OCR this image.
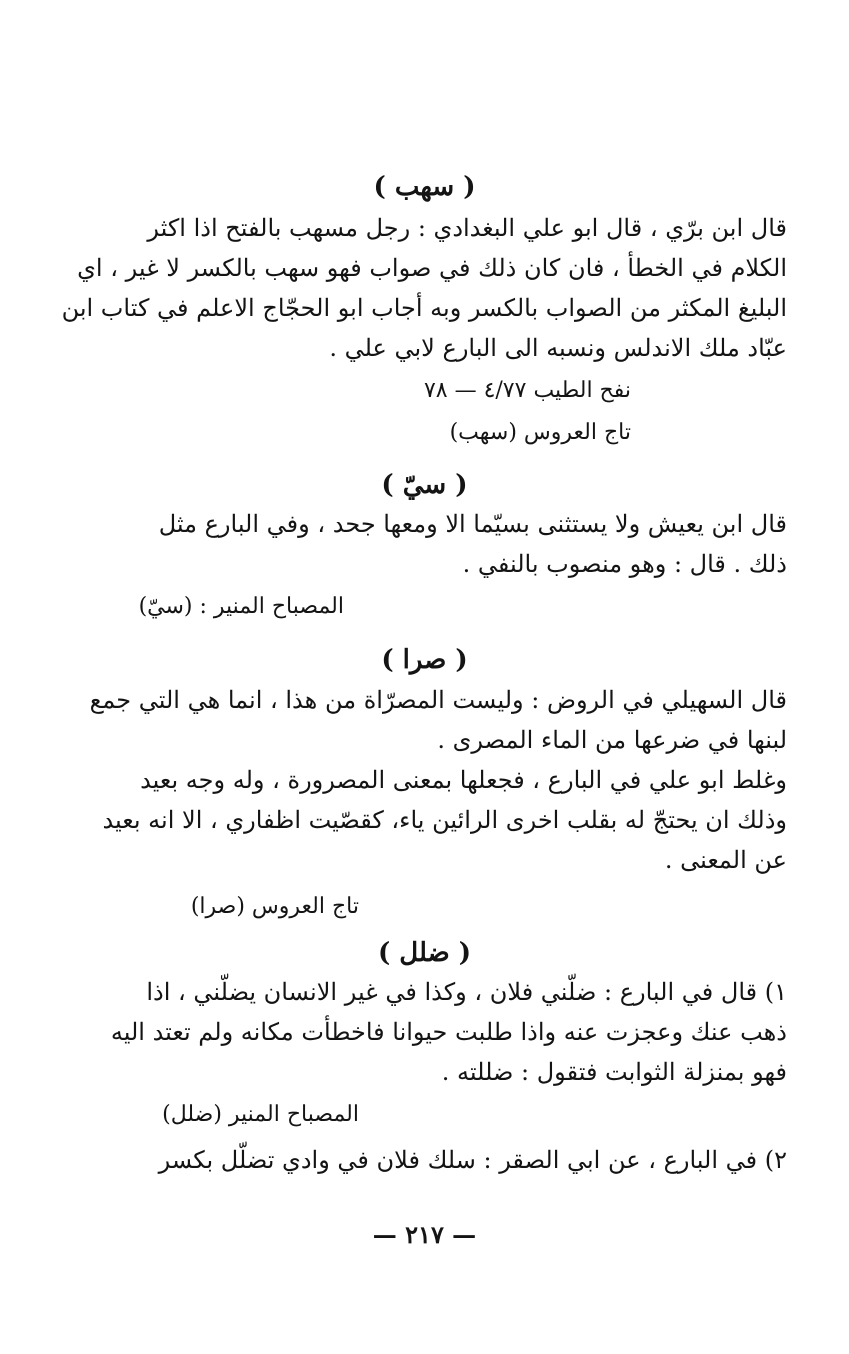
( سهب )
قال ابن برّي ، قال ابو علي البغدادي : رجل مسهب بالفتح اذا اكثر
الكلام في الخطأ ، فان كان ذلك في صواب فهو سهب بالكسر لا غير ، اي
البليغ المكثر من الصواب بالكسر وبه أجاب ابو الحجّاج الاعلم في كتاب ابن
عبّاد ملك الاندلس ونسبه الى البارع لابي علي .
نفح الطيب ٤/٧٧ — ٧٨
تاج العروس (سهب)
( سيّ )
قال ابن يعيش ولا يستثنى بسيّما الا ومعها جحد ، وفي البارع مثل
ذلك . قال : وهو منصوب بالنفي .
المصباح المنير : (سيّ)
( صرا )
قال السهيلي في الروض : وليست المصرّاة من هذا ، انما هي التي جمع
لبنها في ضرعها من الماء المصرى .
وغلط ابو علي في البارع ، فجعلها بمعنى المصرورة ، وله وجه بعيد
وذلك ان يحتجّ له بقلب اخرى الرائين ياء، كقصّيت اظفاري ، الا انه بعيد
عن المعنى .
تاج العروس (صرا)
( ضلل )
١) قال في البارع : ضلّني فلان ، وكذا في غير الانسان يضلّني ، اذا
ذهب عنك وعجزت عنه واذا طلبت حيوانا فاخطأت مكانه ولم تعتد اليه
فهو بمنزلة الثوابت فتقول : ضللته .
المصباح المنير (ضلل)
٢) في البارع ، عن ابي الصقر : سلك فلان في وادي تضلّل بكسر
— ٢١٧ —
